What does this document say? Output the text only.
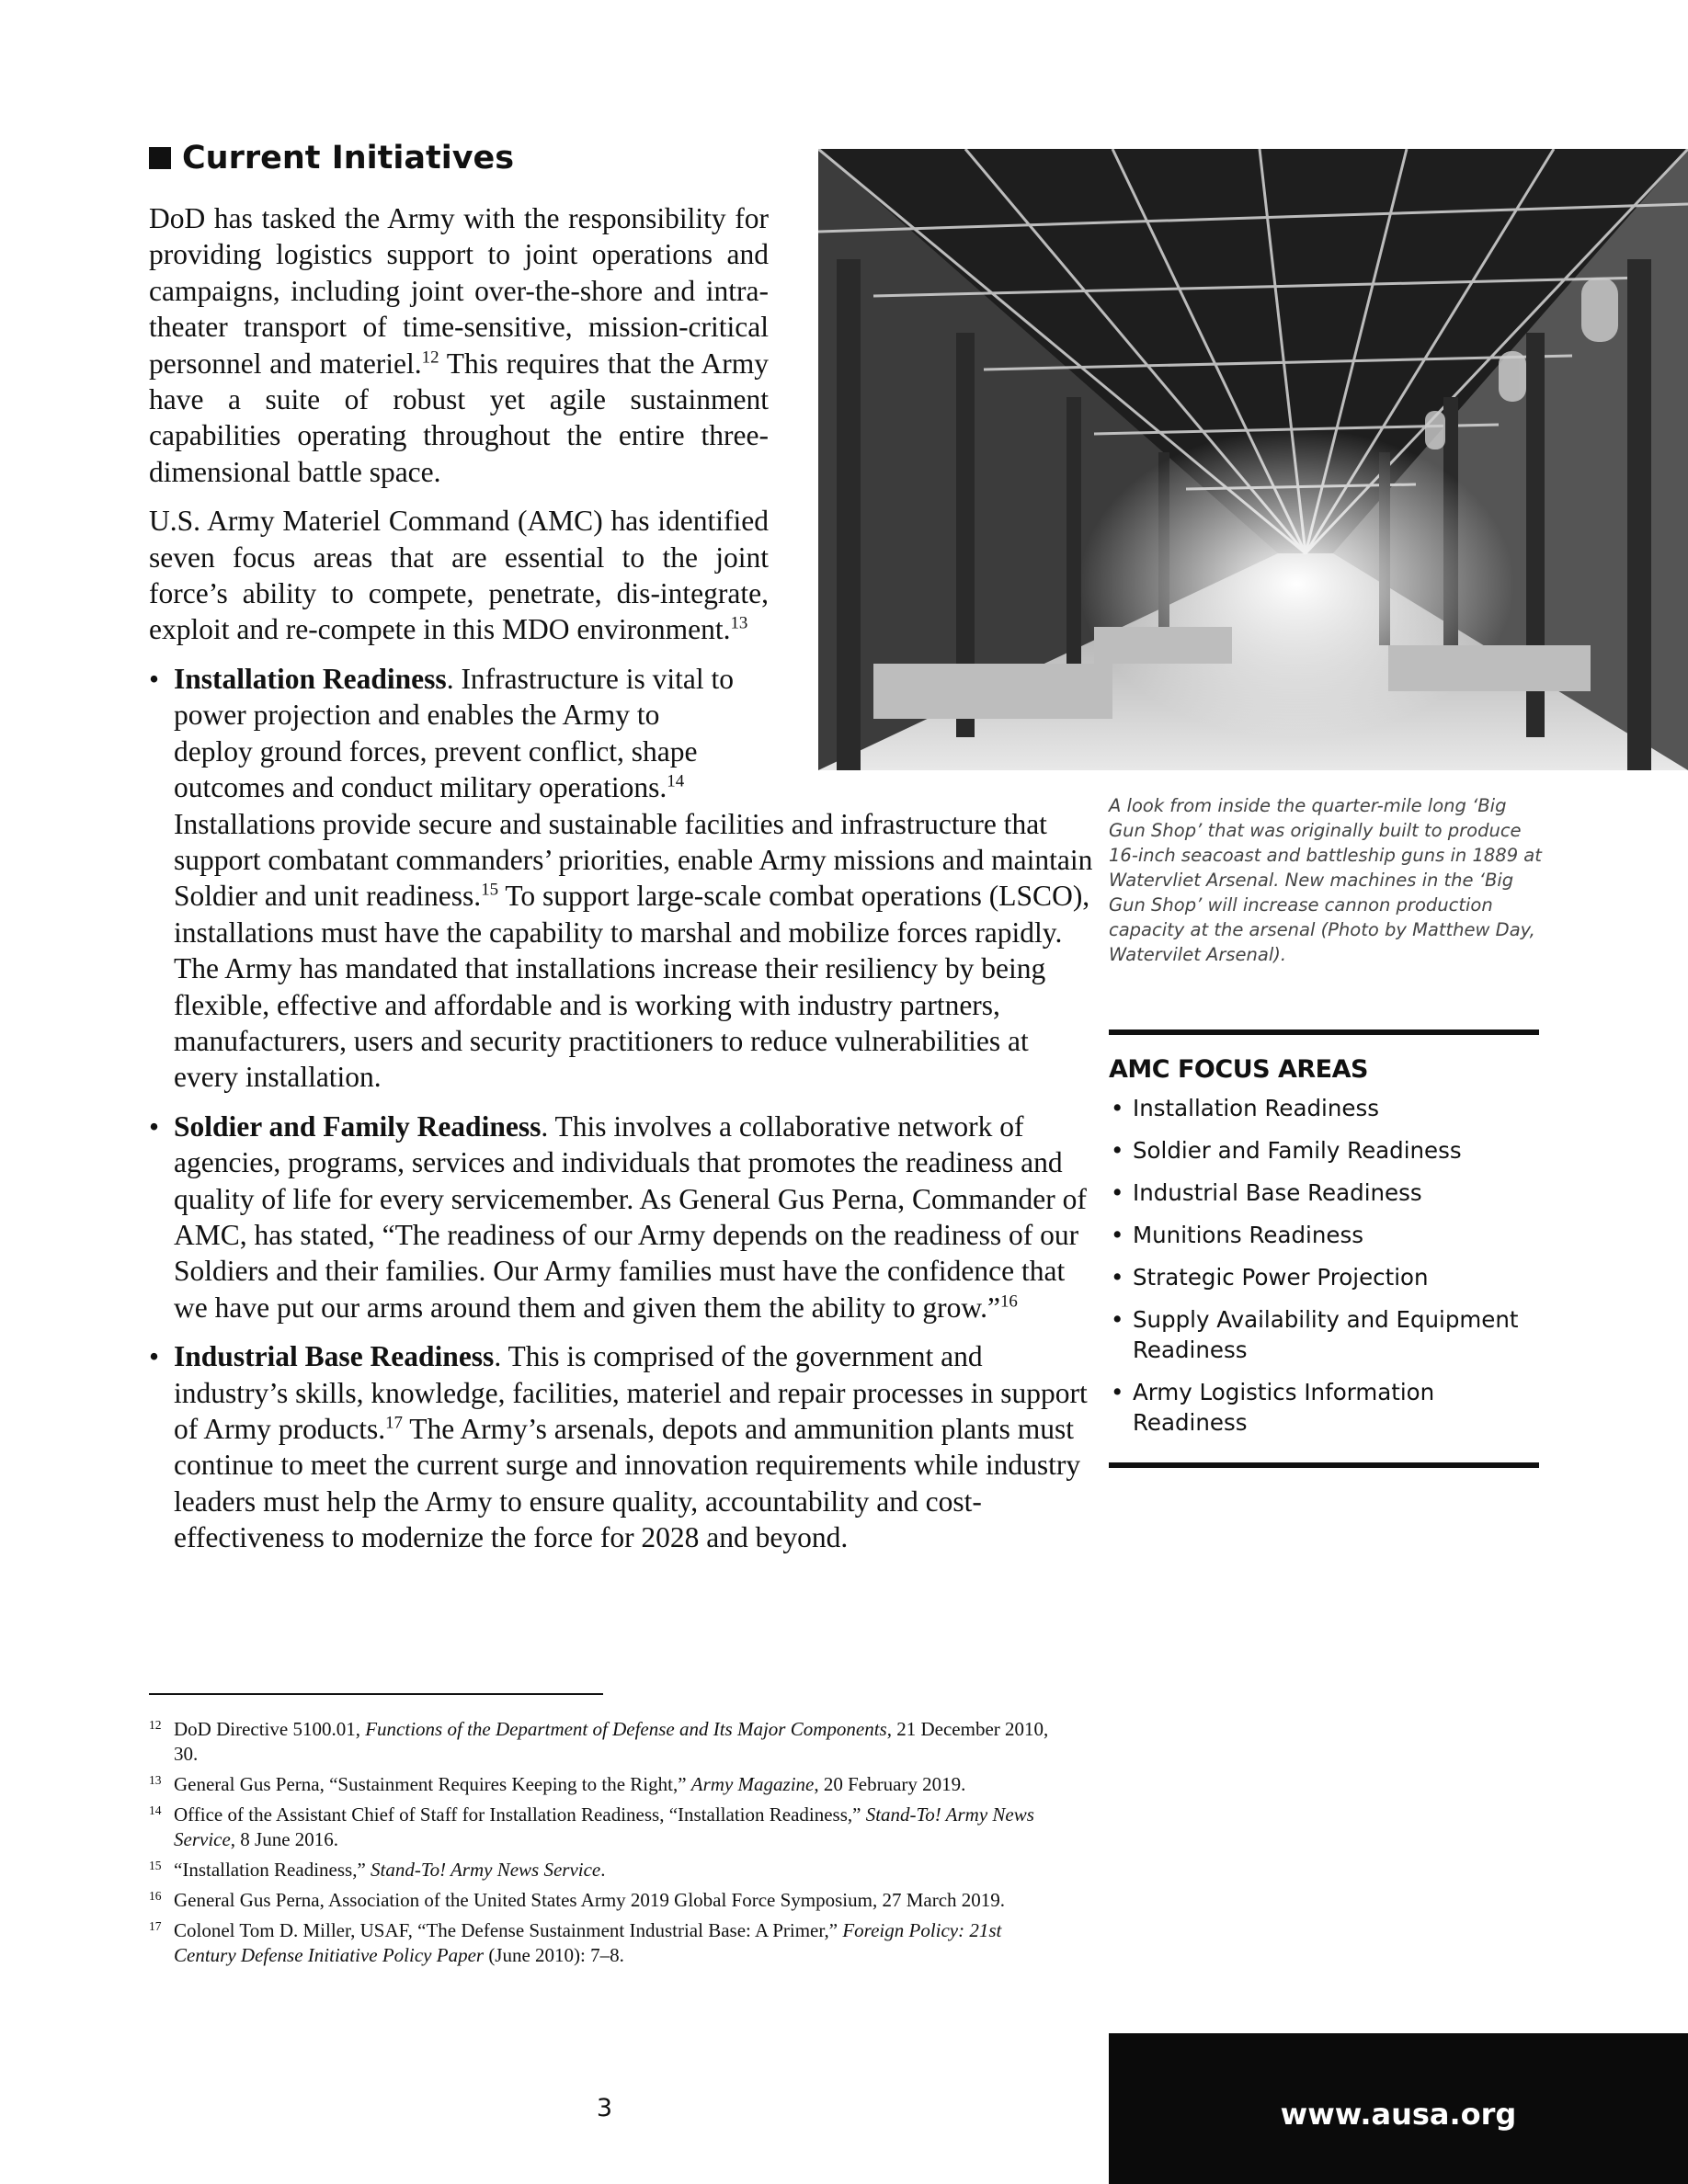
Current Initiatives

DoD has tasked the Army with the responsibility for providing logistics support to joint operations and campaigns, including joint over-the-shore and intra-theater transport of time-sensitive, mission-critical personnel and materiel.$^{12}$ This requires that the Army have a suite of robust yet agile sustainment capabilities operating throughout the entire three-dimensional battle space.

U.S. Army Materiel Command (AMC) has identified seven focus areas that are essential to the joint force’s ability to compete, penetrate, dis-integrate, exploit and re-compete in this MDO environment.$^{13}$

• Installation Readiness. Infrastructure is vital to power projection and enables the Army to deploy ground forces, prevent conflict, shape outcomes and conduct military operations.$^{14}$
Installations provide secure and sustainable facilities and infrastructure that support combatant commanders’ priorities, enable Army missions and maintain Soldier and unit readiness.$^{15}$ To support large-scale combat operations (LSCO), installations must have the capability to marshal and mobilize forces rapidly. The Army has mandated that installations increase their resiliency by being flexible, effective and affordable and is working with industry partners, manufacturers, users and security practitioners to reduce vulnerabilities at every installation.
• Soldier and Family Readiness. This involves a collaborative network of agencies, programs, services and individuals that promotes the readiness and quality of life for every servicemember. As General Gus Perna, Commander of AMC, has stated, “The readiness of our Army depends on the readiness of our Soldiers and their families. Our Army families must have the confidence that we have put our arms around them and given them the ability to grow.”$^{16}$
• Industrial Base Readiness. This is comprised of the government and industry’s skills, knowledge, facilities, materiel and repair processes in support of Army products.$^{17}$ The Army’s arsenals, depots and ammunition plants must continue to meet the current surge and innovation requirements while industry leaders must help the Army to ensure quality, accountability and cost-effectiveness to modernize the force for 2028 and beyond.
A look from inside the quarter-mile long ‘Big Gun Shop’ that was originally built to produce 16-inch seacoast and battleship guns in 1889 at Watervliet Arsenal. New machines in the ‘Big Gun Shop’ will increase cannon production capacity at the arsenal (Photo by Matthew Day, Watervilet Arsenal).
AMC FOCUS AREAS
• Installation Readiness
• Soldier and Family Readiness
• Industrial Base Readiness
• Munitions Readiness
• Strategic Power Projection
• Supply Availability and Equipment Readiness
• Army Logistics Information Readiness
12 DoD Directive 5100.01, Functions of the Department of Defense and Its Major Components, 21 December 2010, 30.
13 General Gus Perna, “Sustainment Requires Keeping to the Right,” Army Magazine, 20 February 2019.
14 Office of the Assistant Chief of Staff for Installation Readiness, “Installation Readiness,” Stand-To! Army News Service, 8 June 2016.
15 “Installation Readiness,” Stand-To! Army News Service.
16 General Gus Perna, Association of the United States Army 2019 Global Force Symposium, 27 March 2019.
17 Colonel Tom D. Miller, USAF, “The Defense Sustainment Industrial Base: A Primer,” Foreign Policy: 21st Century Defense Initiative Policy Paper (June 2010): 7–8.
3	www.ausa.org
